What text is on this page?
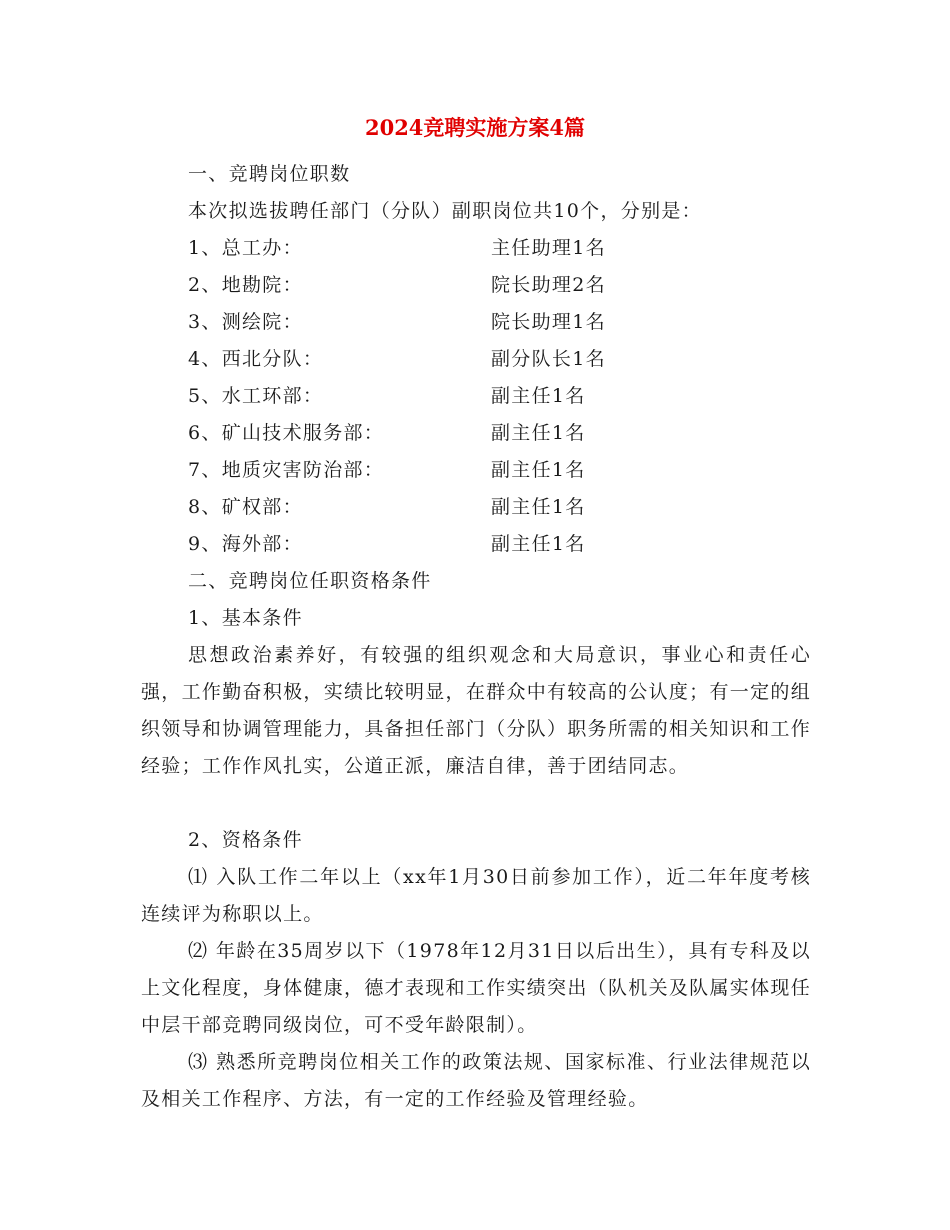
2024竞聘实施方案4篇
一、竞聘岗位职数
本次拟选拔聘任部门（分队）副职岗位共10个，分别是：
1、总工办：	主任助理1名
2、地勘院：	院长助理2名
3、测绘院：	院长助理1名
4、西北分队：	副分队长1名
5、水工环部：	副主任1名
6、矿山技术服务部：	副主任1名
7、地质灾害防治部：	副主任1名
8、矿权部：	副主任1名
9、海外部：	副主任1名
二、竞聘岗位任职资格条件
1、基本条件
思想政治素养好，有较强的组织观念和大局意识，事业心和责任心强，工作勤奋积极，实绩比较明显，在群众中有较高的公认度；有一定的组织领导和协调管理能力，具备担任部门（分队）职务所需的相关知识和工作经验；工作作风扎实，公道正派，廉洁自律，善于团结同志。
2、资格条件
⑴ 入队工作二年以上（xx年1月30日前参加工作），近二年年度考核连续评为称职以上。
⑵ 年龄在35周岁以下（1978年12月31日以后出生），具有专科及以上文化程度，身体健康，德才表现和工作实绩突出（队机关及队属实体现任中层干部竞聘同级岗位，可不受年龄限制）。
⑶ 熟悉所竞聘岗位相关工作的政策法规、国家标准、行业法律规范以及相关工作程序、方法，有一定的工作经验及管理经验。
